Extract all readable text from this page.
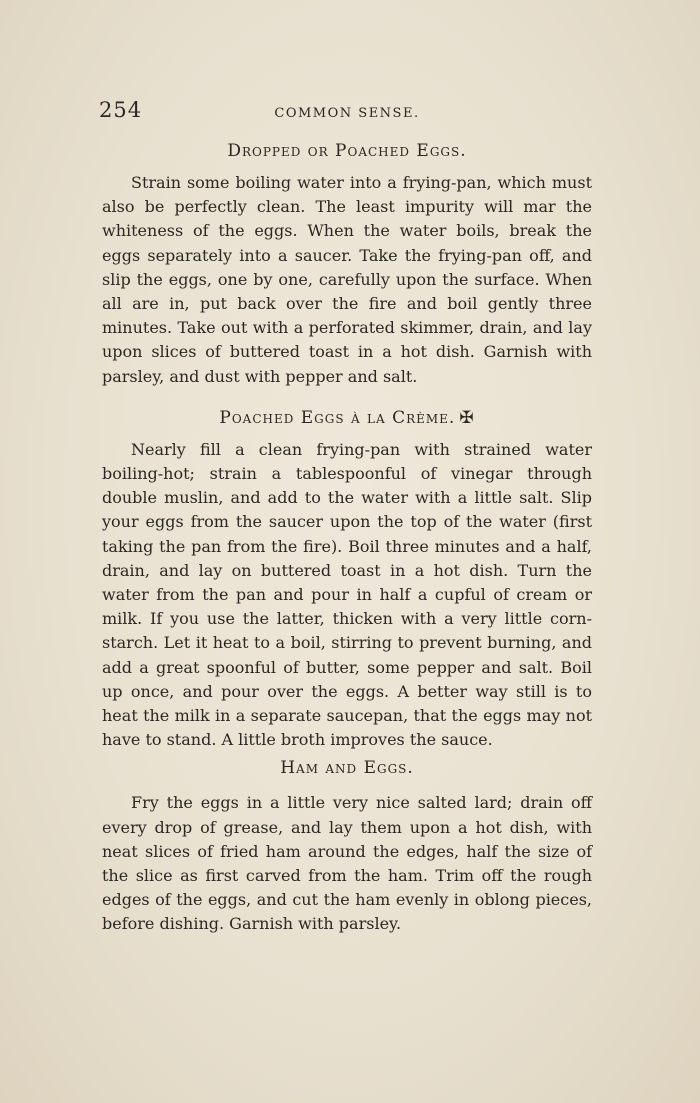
254	COMMON SENSE.
Dropped or Poached Eggs.

Strain some boiling water into a frying-pan, which must also be perfectly clean. The least impurity will mar the whiteness of the eggs. When the water boils, break the eggs separately into a saucer. Take the frying-pan off, and slip the eggs, one by one, carefully upon the surface. When all are in, put back over the fire and boil gently three minutes. Take out with a perforated skimmer, drain, and lay upon slices of buttered toast in a hot dish. Garnish with parsley, and dust with pepper and salt.

Poached Eggs à la Crème. ✠

Nearly fill a clean frying-pan with strained water boiling-hot; strain a tablespoonful of vinegar through double muslin, and add to the water with a little salt. Slip your eggs from the saucer upon the top of the water (first taking the pan from the fire). Boil three minutes and a half, drain, and lay on buttered toast in a hot dish. Turn the water from the pan and pour in half a cupful of cream or milk. If you use the latter, thicken with a very little corn-starch. Let it heat to a boil, stirring to prevent burning, and add a great spoonful of butter, some pepper and salt. Boil up once, and pour over the eggs. A better way still is to heat the milk in a separate saucepan, that the eggs may not have to stand. A little broth improves the sauce.

Ham and Eggs.

Fry the eggs in a little very nice salted lard; drain off every drop of grease, and lay them upon a hot dish, with neat slices of fried ham around the edges, half the size of the slice as first carved from the ham. Trim off the rough edges of the eggs, and cut the ham evenly in oblong pieces, before dishing. Garnish with parsley.
